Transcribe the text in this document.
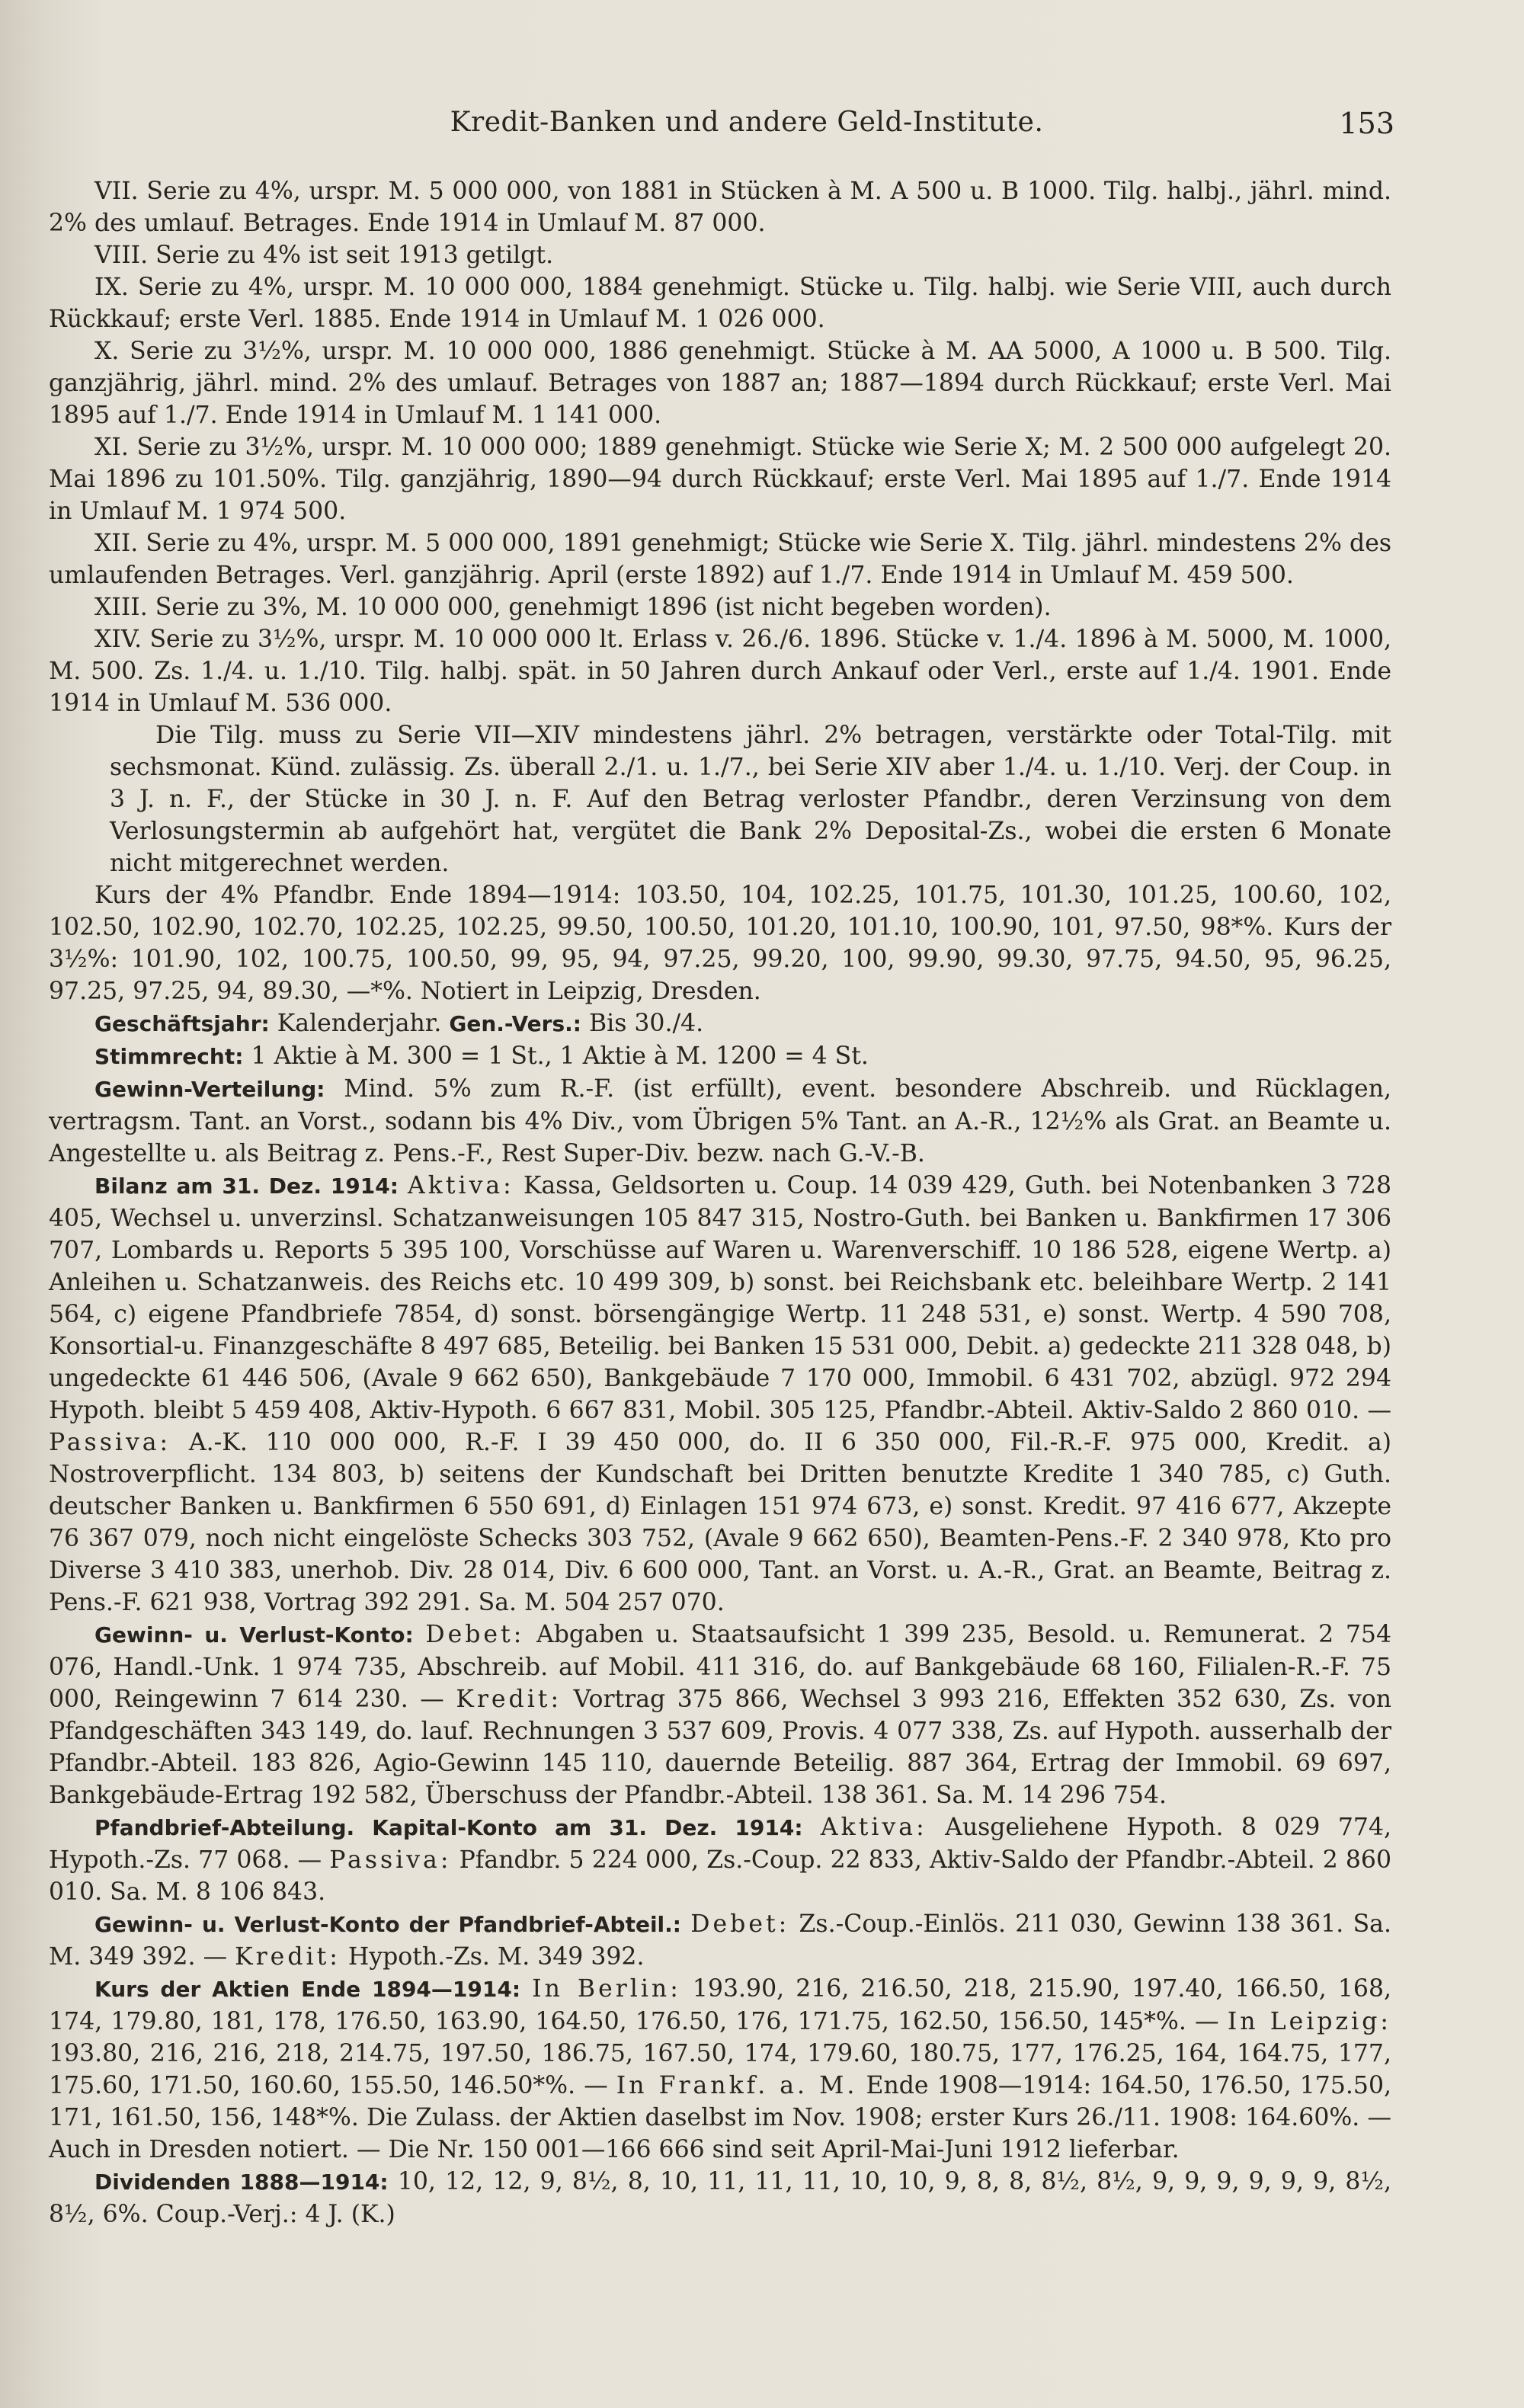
Kredit-Banken und andere Geld-Institute.	153

VII. Serie zu 4%, urspr. M. 5 000 000, von 1881 in Stücken à M. A 500 u. B 1000. Tilg. halbj., jährl. mind. 2% des umlauf. Betrages. Ende 1914 in Umlauf M. 87 000.

VIII. Serie zu 4% ist seit 1913 getilgt.

IX. Serie zu 4%, urspr. M. 10 000 000, 1884 genehmigt. Stücke u. Tilg. halbj. wie Serie VIII, auch durch Rückkauf; erste Verl. 1885. Ende 1914 in Umlauf M. 1 026 000.

X. Serie zu 3½%, urspr. M. 10 000 000, 1886 genehmigt. Stücke à M. AA 5000, A 1000 u. B 500. Tilg. ganzjährig, jährl. mind. 2% des umlauf. Betrages von 1887 an; 1887—1894 durch Rückkauf; erste Verl. Mai 1895 auf 1./7. Ende 1914 in Umlauf M. 1 141 000.

XI. Serie zu 3½%, urspr. M. 10 000 000; 1889 genehmigt. Stücke wie Serie X; M. 2 500 000 aufgelegt 20. Mai 1896 zu 101.50%. Tilg. ganzjährig, 1890—94 durch Rückkauf; erste Verl. Mai 1895 auf 1./7. Ende 1914 in Umlauf M. 1 974 500.

XII. Serie zu 4%, urspr. M. 5 000 000, 1891 genehmigt; Stücke wie Serie X. Tilg. jährl. mindestens 2% des umlaufenden Betrages. Verl. ganzjährig. April (erste 1892) auf 1./7. Ende 1914 in Umlauf M. 459 500.

XIII. Serie zu 3%, M. 10 000 000, genehmigt 1896 (ist nicht begeben worden).

XIV. Serie zu 3½%, urspr. M. 10 000 000 lt. Erlass v. 26./6. 1896. Stücke v. 1./4. 1896 à M. 5000, M. 1000, M. 500. Zs. 1./4. u. 1./10. Tilg. halbj. spät. in 50 Jahren durch Ankauf oder Verl., erste auf 1./4. 1901. Ende 1914 in Umlauf M. 536 000.

Die Tilg. muss zu Serie VII—XIV mindestens jährl. 2% betragen, verstärkte oder Total-Tilg. mit sechsmonat. Künd. zulässig. Zs. überall 2./1. u. 1./7., bei Serie XIV aber 1./4. u. 1./10. Verj. der Coup. in 3 J. n. F., der Stücke in 30 J. n. F. Auf den Betrag verloster Pfandbr., deren Verzinsung von dem Verlosungstermin ab aufgehört hat, vergütet die Bank 2% Deposital-Zs., wobei die ersten 6 Monate nicht mitgerechnet werden.

Kurs der 4% Pfandbr. Ende 1894—1914: 103.50, 104, 102.25, 101.75, 101.30, 101.25, 100.60, 102, 102.50, 102.90, 102.70, 102.25, 102.25, 99.50, 100.50, 101.20, 101.10, 100.90, 101, 97.50, 98*%. Kurs der 3½%: 101.90, 102, 100.75, 100.50, 99, 95, 94, 97.25, 99.20, 100, 99.90, 99.30, 97.75, 94.50, 95, 96.25, 97.25, 97.25, 94, 89.30, —*%. Notiert in Leipzig, Dresden.

Geschäftsjahr: Kalenderjahr. Gen.-Vers.: Bis 30./4.

Stimmrecht: 1 Aktie à M. 300 = 1 St., 1 Aktie à M. 1200 = 4 St.

Gewinn-Verteilung: Mind. 5% zum R.-F. (ist erfüllt), event. besondere Abschreib. und Rücklagen, vertragsm. Tant. an Vorst., sodann bis 4% Div., vom Übrigen 5% Tant. an A.-R., 12½% als Grat. an Beamte u. Angestellte u. als Beitrag z. Pens.-F., Rest Super-Div. bezw. nach G.-V.-B.

Bilanz am 31. Dez. 1914: Aktiva: Kassa, Geldsorten u. Coup. 14 039 429, Guth. bei Notenbanken 3 728 405, Wechsel u. unverzinsl. Schatzanweisungen 105 847 315, Nostro-Guth. bei Banken u. Bankfirmen 17 306 707, Lombards u. Reports 5 395 100, Vorschüsse auf Waren u. Warenverschiff. 10 186 528, eigene Wertp. a) Anleihen u. Schatzanweis. des Reichs etc. 10 499 309, b) sonst. bei Reichsbank etc. beleihbare Wertp. 2 141 564, c) eigene Pfandbriefe 7854, d) sonst. börsengängige Wertp. 11 248 531, e) sonst. Wertp. 4 590 708, Konsortial-u. Finanzgeschäfte 8 497 685, Beteilig. bei Banken 15 531 000, Debit. a) gedeckte 211 328 048, b) ungedeckte 61 446 506, (Avale 9 662 650), Bankgebäude 7 170 000, Immobil. 6 431 702, abzügl. 972 294 Hypoth. bleibt 5 459 408, Aktiv-Hypoth. 6 667 831, Mobil. 305 125, Pfandbr.-Abteil. Aktiv-Saldo 2 860 010. — Passiva: A.-K. 110 000 000, R.-F. I 39 450 000, do. II 6 350 000, Fil.-R.-F. 975 000, Kredit. a) Nostroverpflicht. 134 803, b) seitens der Kundschaft bei Dritten benutzte Kredite 1 340 785, c) Guth. deutscher Banken u. Bankfirmen 6 550 691, d) Einlagen 151 974 673, e) sonst. Kredit. 97 416 677, Akzepte 76 367 079, noch nicht eingelöste Schecks 303 752, (Avale 9 662 650), Beamten-Pens.-F. 2 340 978, Kto pro Diverse 3 410 383, unerhob. Div. 28 014, Div. 6 600 000, Tant. an Vorst. u. A.-R., Grat. an Beamte, Beitrag z. Pens.-F. 621 938, Vortrag 392 291. Sa. M. 504 257 070.

Gewinn- u. Verlust-Konto: Debet: Abgaben u. Staatsaufsicht 1 399 235, Besold. u. Remunerat. 2 754 076, Handl.-Unk. 1 974 735, Abschreib. auf Mobil. 411 316, do. auf Bankgebäude 68 160, Filialen-R.-F. 75 000, Reingewinn 7 614 230. — Kredit: Vortrag 375 866, Wechsel 3 993 216, Effekten 352 630, Zs. von Pfandgeschäften 343 149, do. lauf. Rechnungen 3 537 609, Provis. 4 077 338, Zs. auf Hypoth. ausserhalb der Pfandbr.-Abteil. 183 826, Agio-Gewinn 145 110, dauernde Beteilig. 887 364, Ertrag der Immobil. 69 697, Bankgebäude-Ertrag 192 582, Überschuss der Pfandbr.-Abteil. 138 361. Sa. M. 14 296 754.

Pfandbrief-Abteilung. Kapital-Konto am 31. Dez. 1914: Aktiva: Ausgeliehene Hypoth. 8 029 774, Hypoth.-Zs. 77 068. — Passiva: Pfandbr. 5 224 000, Zs.-Coup. 22 833, Aktiv-Saldo der Pfandbr.-Abteil. 2 860 010. Sa. M. 8 106 843.

Gewinn- u. Verlust-Konto der Pfandbrief-Abteil.: Debet: Zs.-Coup.-Einlös. 211 030, Gewinn 138 361. Sa. M. 349 392. — Kredit: Hypoth.-Zs. M. 349 392.

Kurs der Aktien Ende 1894—1914: In Berlin: 193.90, 216, 216.50, 218, 215.90, 197.40, 166.50, 168, 174, 179.80, 181, 178, 176.50, 163.90, 164.50, 176.50, 176, 171.75, 162.50, 156.50, 145*%. — In Leipzig: 193.80, 216, 216, 218, 214.75, 197.50, 186.75, 167.50, 174, 179.60, 180.75, 177, 176.25, 164, 164.75, 177, 175.60, 171.50, 160.60, 155.50, 146.50*%. — In Frankf. a. M. Ende 1908—1914: 164.50, 176.50, 175.50, 171, 161.50, 156, 148*%. Die Zulass. der Aktien daselbst im Nov. 1908; erster Kurs 26./11. 1908: 164.60%. — Auch in Dresden notiert. — Die Nr. 150 001—166 666 sind seit April-Mai-Juni 1912 lieferbar.

Dividenden 1888—1914: 10, 12, 12, 9, 8½, 8, 10, 11, 11, 11, 10, 10, 9, 8, 8, 8½, 8½, 9, 9, 9, 9, 9, 9, 8½, 8½, 6%. Coup.-Verj.: 4 J. (K.)
